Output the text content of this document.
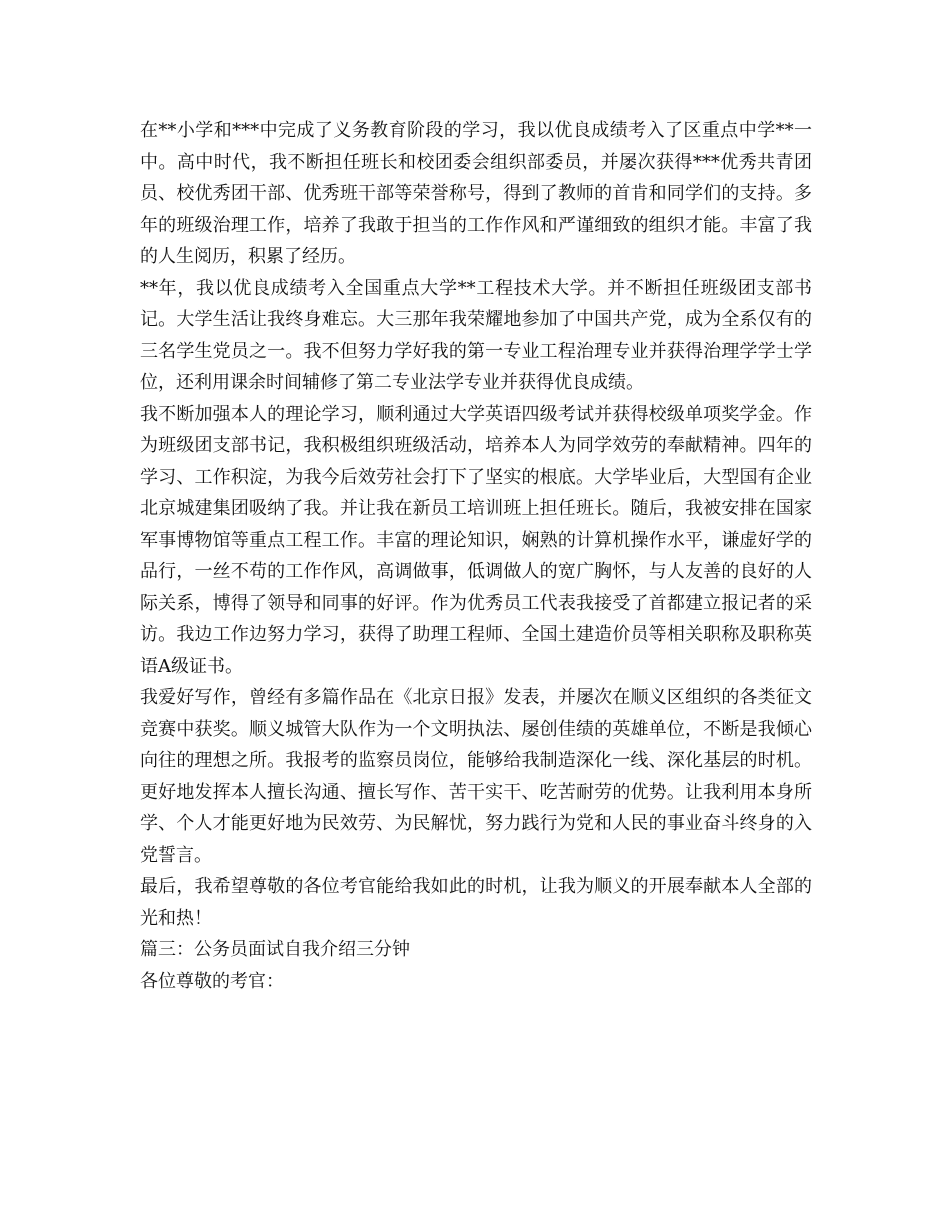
在**小学和***中完成了义务教育阶段的学习，我以优良成绩考入了区重点中学**一中。高中时代，我不断担任班长和校团委会组织部委员，并屡次获得***优秀共青团员、校优秀团干部、优秀班干部等荣誉称号，得到了教师的首肯和同学们的支持。多年的班级治理工作，培养了我敢于担当的工作作风和严谨细致的组织才能。丰富了我的人生阅历，积累了经历。

**年，我以优良成绩考入全国重点大学**工程技术大学。并不断担任班级团支部书记。大学生活让我终身难忘。大三那年我荣耀地参加了中国共产党，成为全系仅有的三名学生党员之一。我不但努力学好我的第一专业工程治理专业并获得治理学学士学位，还利用课余时间辅修了第二专业法学专业并获得优良成绩。

我不断加强本人的理论学习，顺利通过大学英语四级考试并获得校级单项奖学金。作为班级团支部书记，我积极组织班级活动，培养本人为同学效劳的奉献精神。四年的学习、工作积淀，为我今后效劳社会打下了坚实的根底。大学毕业后，大型国有企业北京城建集团吸纳了我。并让我在新员工培训班上担任班长。随后，我被安排在国家军事博物馆等重点工程工作。丰富的理论知识，娴熟的计算机操作水平，谦虚好学的品行，一丝不苟的工作作风，高调做事，低调做人的宽广胸怀，与人友善的良好的人际关系，博得了领导和同事的好评。作为优秀员工代表我接受了首都建立报记者的采访。我边工作边努力学习，获得了助理工程师、全国土建造价员等相关职称及职称英语A级证书。

我爱好写作，曾经有多篇作品在《北京日报》发表，并屡次在顺义区组织的各类征文竞赛中获奖。顺义城管大队作为一个文明执法、屡创佳绩的英雄单位，不断是我倾心向往的理想之所。我报考的监察员岗位，能够给我制造深化一线、深化基层的时机。更好地发挥本人擅长沟通、擅长写作、苦干实干、吃苦耐劳的优势。让我利用本身所学、个人才能更好地为民效劳、为民解忧，努力践行为党和人民的事业奋斗终身的入党誓言。

最后，我希望尊敬的各位考官能给我如此的时机，让我为顺义的开展奉献本人全部的光和热！

篇三：公务员面试自我介绍三分钟

各位尊敬的考官：
